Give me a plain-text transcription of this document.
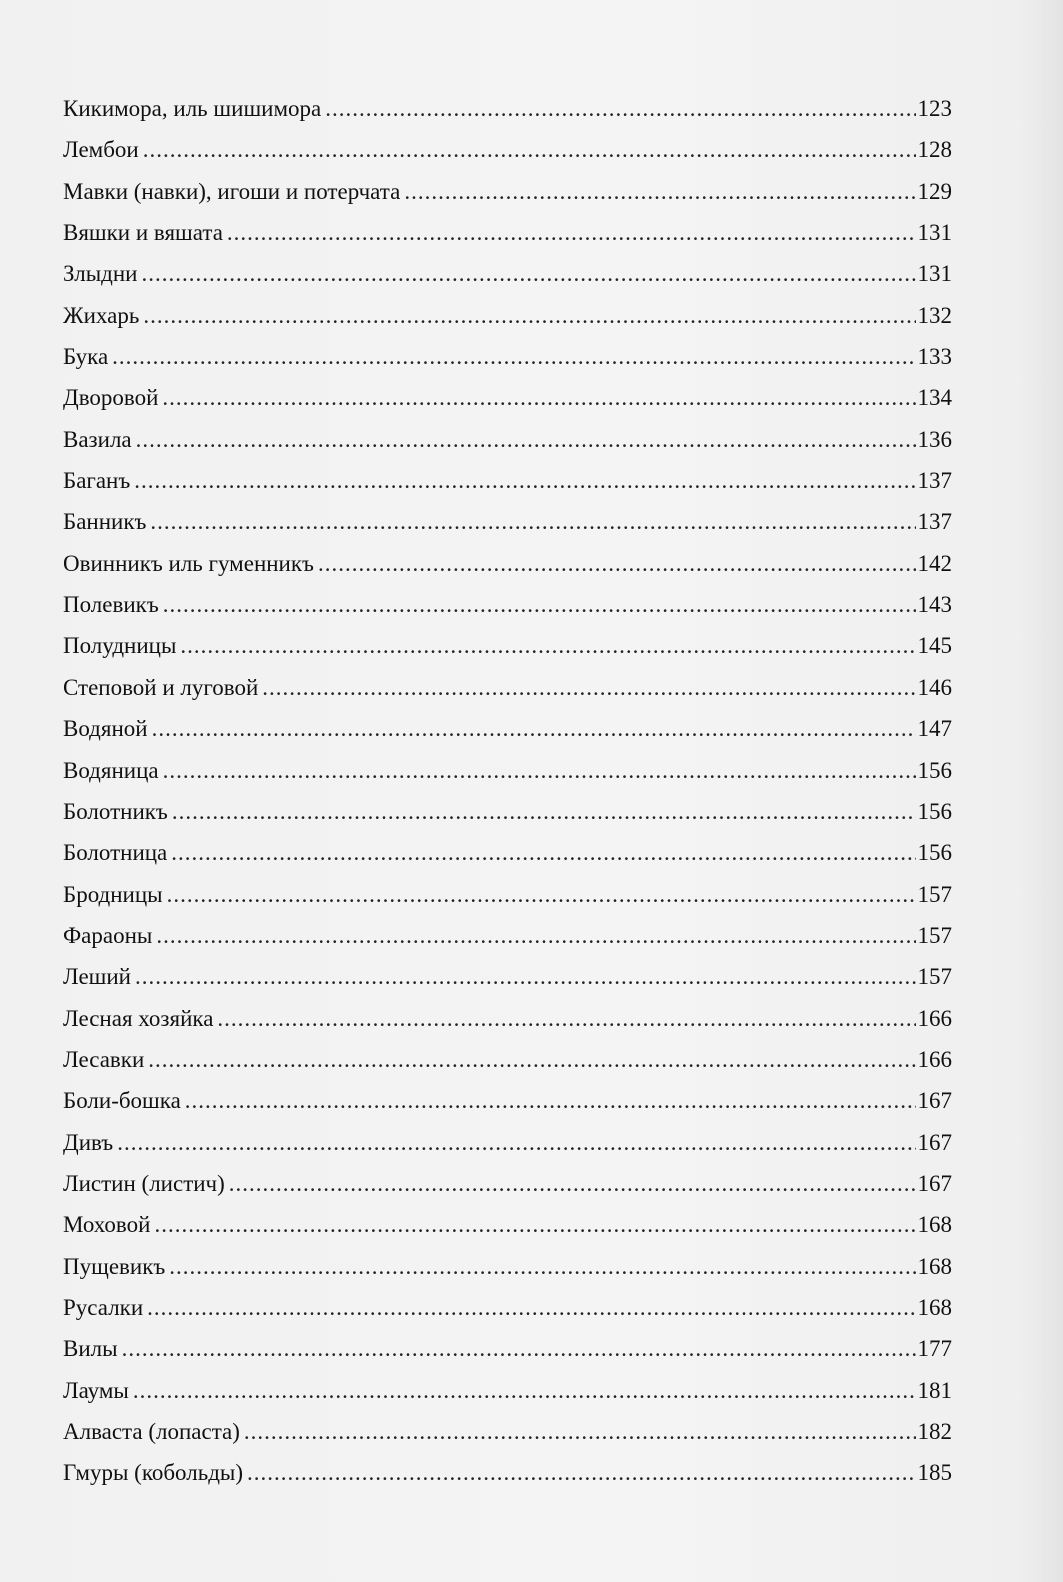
Кикимора, иль шишимора .....	123
Лембои .....	128
Мавки (навки), игоши и потерчата .....	129
Вяшки и вяшата .....	131
Злыдни .....	131
Жихарь .....	132
Бука .....	133
Дворовой .....	134
Вазила .....	136
Баганъ .....	137
Банникъ .....	137
Овинникъ иль гуменникъ .....	142
Полевикъ .....	143
Полудницы .....	145
Степовой и луговой .....	146
Водяной .....	147
Водяница .....	156
Болотникъ .....	156
Болотница .....	156
Бродницы .....	157
Фараоны .....	157
Леший .....	157
Лесная хозяйка .....	166
Лесавки .....	166
Боли-бошка .....	167
Дивъ .....	167
Листин (листич) .....	167
Моховой .....	168
Пущевикъ .....	168
Русалки .....	168
Вилы .....	177
Лаумы .....	181
Алваста (лопаста) .....	182
Гмуры (кобольды) .....	185
